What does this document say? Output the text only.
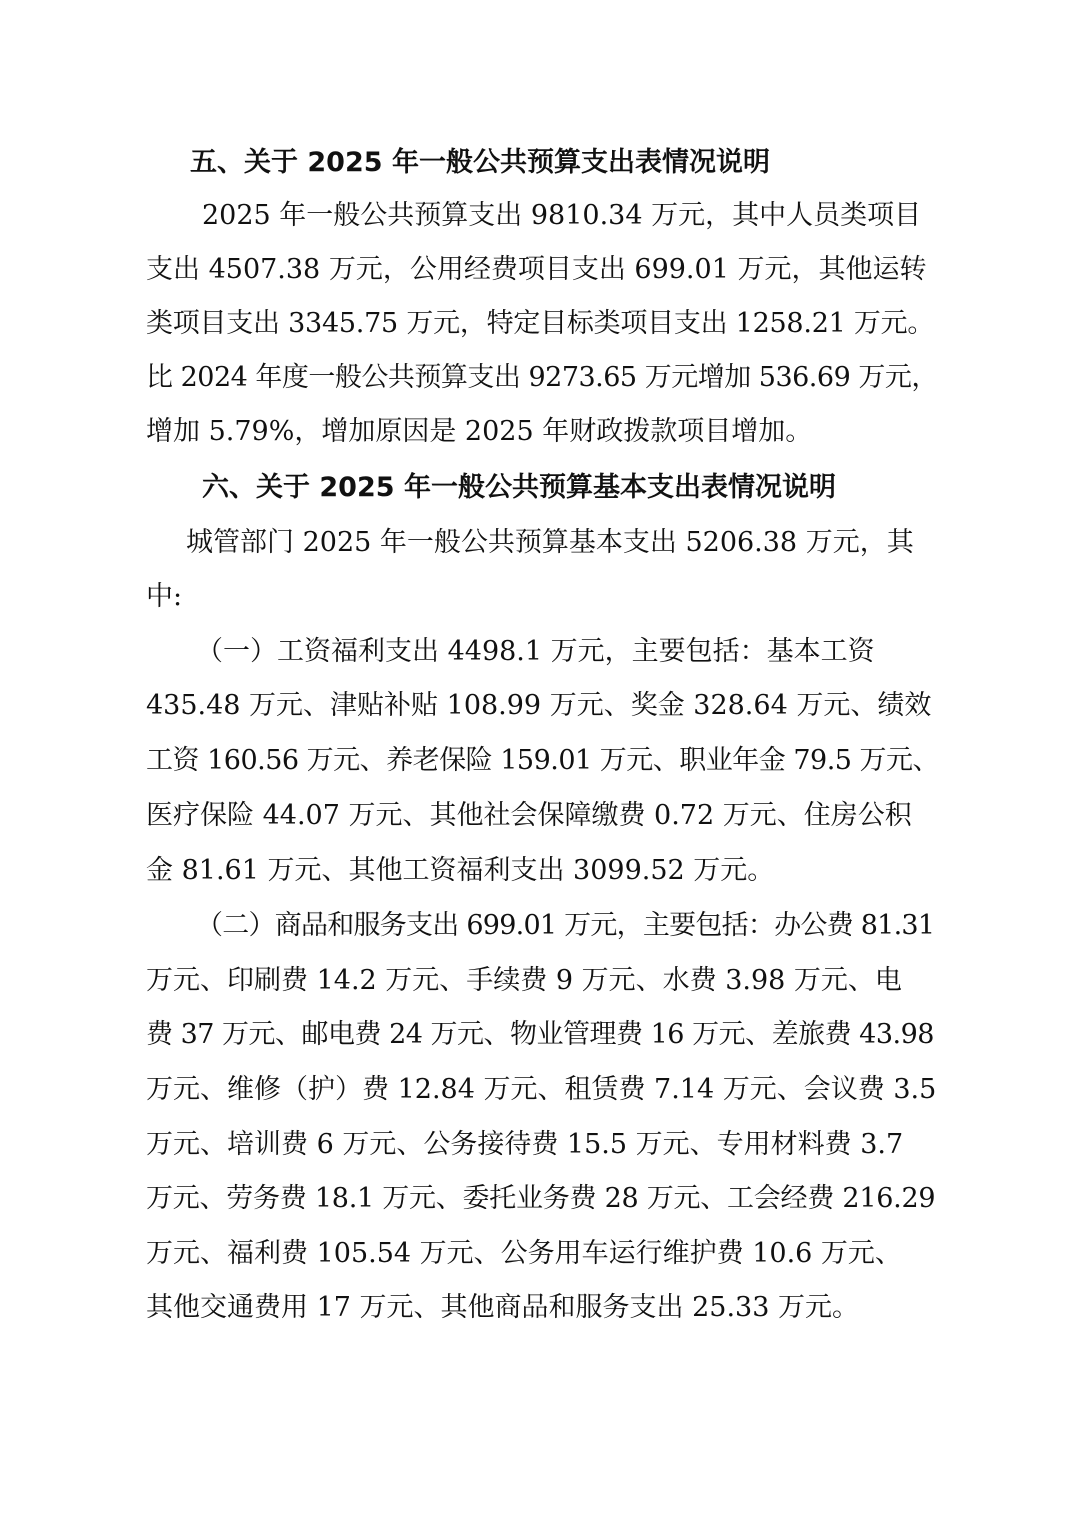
五、关于 2025 年一般公共预算支出表情况说明
2025 年一般公共预算支出 9810.34 万元，其中人员类项目
支出 4507.38 万元，公用经费项目支出 699.01 万元，其他运转
类项目支出 3345.75 万元，特定目标类项目支出 1258.21 万元。
比 2024 年度一般公共预算支出 9273.65 万元增加 536.69 万元，
增加 5.79%，增加原因是 2025 年财政拨款项目增加。
六、关于 2025 年一般公共预算基本支出表情况说明
城管部门 2025 年一般公共预算基本支出 5206.38 万元，其
中:
（一）工资福利支出 4498.1 万元，主要包括：基本工资
435.48 万元、津贴补贴 108.99 万元、奖金 328.64 万元、绩效
工资 160.56 万元、养老保险 159.01 万元、职业年金 79.5 万元、
医疗保险 44.07 万元、其他社会保障缴费 0.72 万元、住房公积
金 81.61 万元、其他工资福利支出 3099.52 万元。
（二）商品和服务支出 699.01 万元，主要包括：办公费 81.31
万元、印刷费 14.2 万元、手续费 9 万元、水费 3.98 万元、电
费 37 万元、邮电费 24 万元、物业管理费 16 万元、差旅费 43.98
万元、维修（护）费 12.84 万元、租赁费 7.14 万元、会议费 3.5
万元、培训费 6 万元、公务接待费 15.5 万元、专用材料费 3.7
万元、劳务费 18.1 万元、委托业务费 28 万元、工会经费 216.29
万元、福利费 105.54 万元、公务用车运行维护费 10.6 万元、
其他交通费用 17 万元、其他商品和服务支出 25.33 万元。
